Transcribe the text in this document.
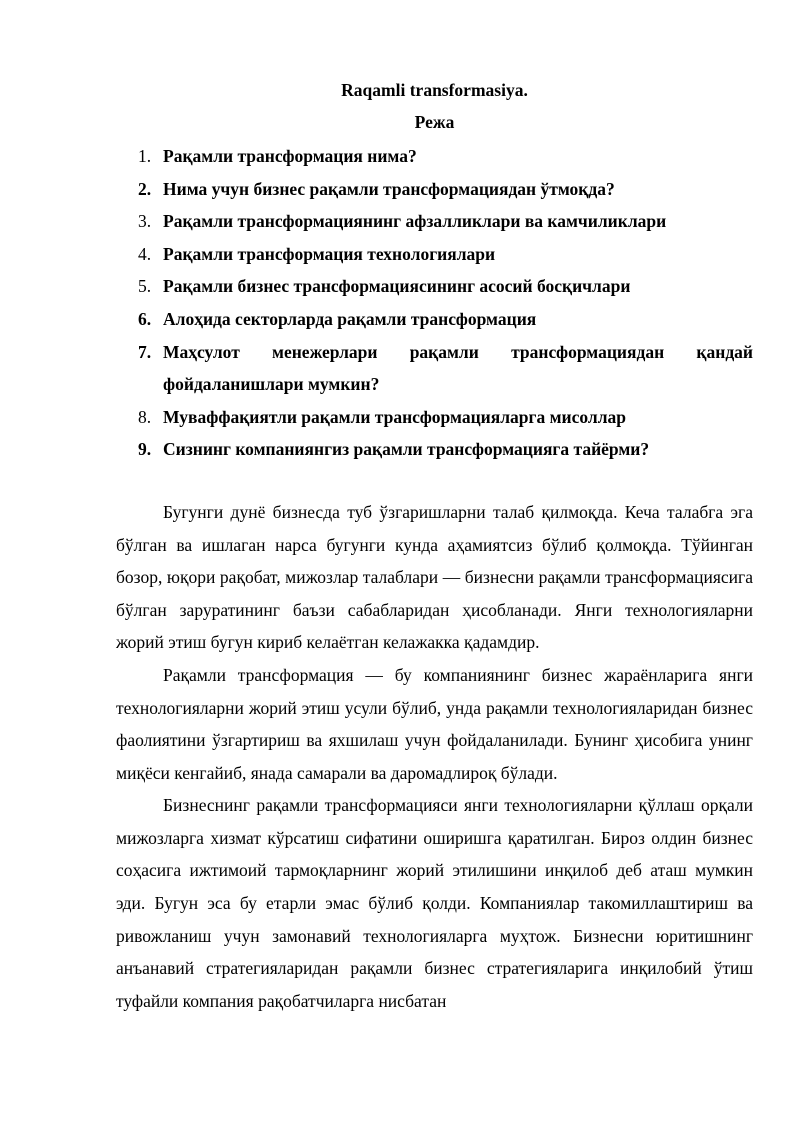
Raqamli transformasiya.

Режа

1. Рақамли трансформация нима?
2. Нима учун бизнес рақамли трансформациядан ўтмоқда?
3. Рақамли трансформациянинг афзалликлари ва камчиликлари
4. Рақамли трансформация технологиялари
5. Рақамли бизнес трансформациясининг асосий босқичлари
6. Алоҳида секторларда рақамли трансформация
7. Маҳсулот менежерлари рақамли трансформациядан қандай фойдаланишлари мумкин?
8. Муваффақиятли рақамли трансформацияларга мисоллар
9. Сизнинг компаниянгиз рақамли трансформацияга тайёрми?

Бугунги дунё бизнесда туб ўзгаришларни талаб қилмоқда. Кеча талабга эга бўлган ва ишлаган нарса бугунги кунда аҳамиятсиз бўлиб қолмоқда. Тўйинган бозор, юқори рақобат, мижозлар талаблари — бизнесни рақамли трансформациясига бўлган заруратининг баъзи сабабларидан ҳисобланади. Янги технологияларни жорий этиш бугун кириб келаётган келажакка қадамдир.

Рақамли трансформация — бу компаниянинг бизнес жараёнларига янги технологияларни жорий этиш усули бўлиб, унда рақамли технологияларидан бизнес фаолиятини ўзгартириш ва яхшилаш учун фойдаланилади. Бунинг ҳисобига унинг миқёси кенгайиб, янада самарали ва даромадлироқ бўлади.

Бизнеснинг рақамли трансформацияси янги технологияларни қўллаш орқали мижозларга хизмат кўрсатиш сифатини оширишга қаратилган. Бироз олдин бизнес соҳасига ижтимоий тармоқларнинг жорий этилишини инқилоб деб аташ мумкин эди. Бугун эса бу етарли эмас бўлиб қолди. Компаниялар такомиллаштириш ва ривожланиш учун замонавий технологияларга муҳтож. Бизнесни юритишнинг анъанавий стратегияларидан рақамли бизнес стратегияларига инқилобий ўтиш туфайли компания рақобатчиларга нисбатан
